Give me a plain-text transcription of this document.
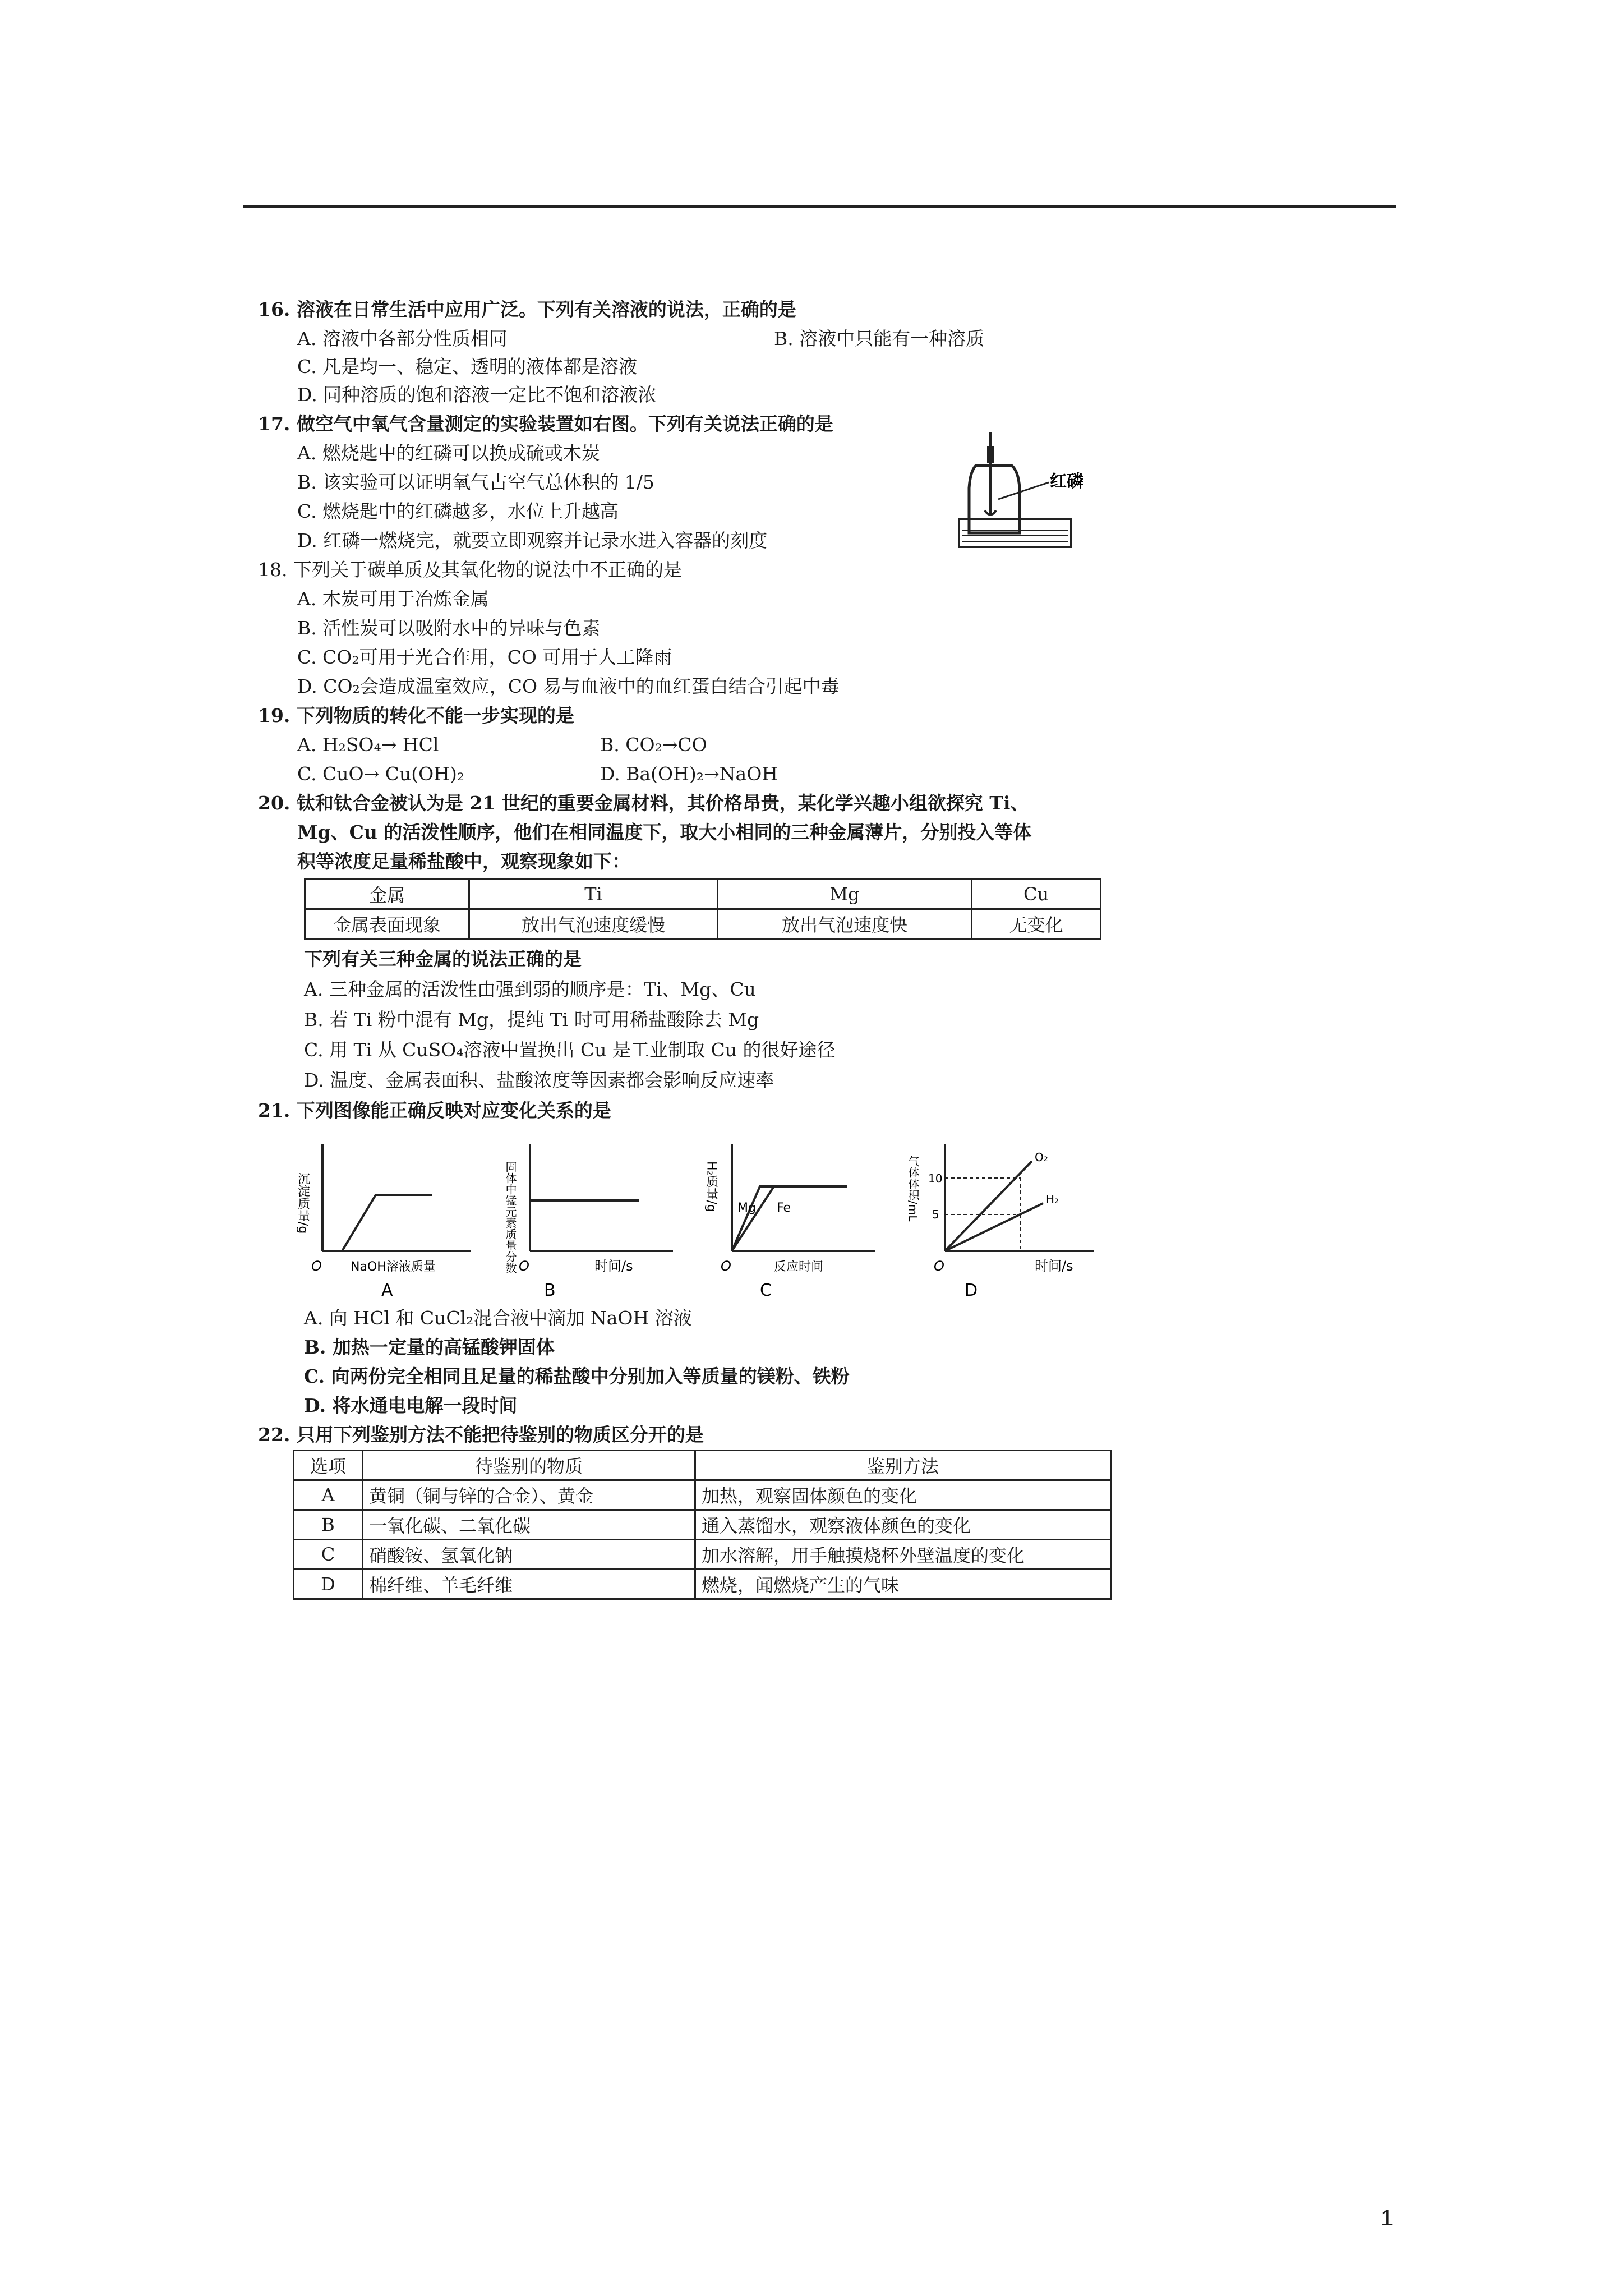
16. 溶液在日常生活中应用广泛。下列有关溶液的说法，正确的是
A. 溶液中各部分性质相同	B. 溶液中只能有一种溶质
C. 凡是均一、稳定、透明的液体都是溶液
D. 同种溶质的饱和溶液一定比不饱和溶液浓
17. 做空气中氧气含量测定的实验装置如右图。下列有关说法正确的是
A. 燃烧匙中的红磷可以换成硫或木炭
B. 该实验可以证明氧气占空气总体积的 1/5
C. 燃烧匙中的红磷越多，水位上升越高
D. 红磷一燃烧完，就要立即观察并记录水进入容器的刻度
红磷
18. 下列关于碳单质及其氧化物的说法中不正确的是
A. 木炭可用于冶炼金属
B. 活性炭可以吸附水中的异味与色素
C. CO₂可用于光合作用，CO 可用于人工降雨
D. CO₂会造成温室效应，CO 易与血液中的血红蛋白结合引起中毒
19. 下列物质的转化不能一步实现的是
A. H₂SO₄→ HCl	B. CO₂→CO
C. CuO→ Cu(OH)₂	D. Ba(OH)₂→NaOH
20. 钛和钛合金被认为是 21 世纪的重要金属材料，其价格昂贵，某化学兴趣小组欲探究 Ti、
Mg、Cu 的活泼性顺序，他们在相同温度下，取大小相同的三种金属薄片，分别投入等体
积等浓度足量稀盐酸中，观察现象如下：
金属	Ti	Mg	Cu
金属表面现象	放出气泡速度缓慢	放出气泡速度快	无变化
下列有关三种金属的说法正确的是
A. 三种金属的活泼性由强到弱的顺序是：Ti、Mg、Cu
B. 若 Ti 粉中混有 Mg，提纯 Ti 时可用稀盐酸除去 Mg
C. 用 Ti 从 CuSO₄溶液中置换出 Cu 是工业制取 Cu 的很好途径
D. 温度、金属表面积、盐酸浓度等因素都会影响反应速率
21. 下列图像能正确反映对应变化关系的是
沉淀质量/g
O NaOH溶液质量
A
固体中锰元素质量分数 O	时间/s
B
H₂质量/g Mg Fe
O	反应时间
C
气体体积/mL 10
5
O₂
H₂
O	时间/s
D
A. 向 HCl 和 CuCl₂混合液中滴加 NaOH 溶液
B. 加热一定量的高锰酸钾固体
C. 向两份完全相同且足量的稀盐酸中分别加入等质量的镁粉、铁粉
D. 将水通电电解一段时间
22. 只用下列鉴别方法不能把待鉴别的物质区分开的是
选项	待鉴别的物质	鉴别方法
A	黄铜（铜与锌的合金）、黄金	加热，观察固体颜色的变化
B	一氧化碳、二氧化碳	通入蒸馏水，观察液体颜色的变化
C	硝酸铵、氢氧化钠	加水溶解，用手触摸烧杯外壁温度的变化
D	棉纤维、羊毛纤维	燃烧，闻燃烧产生的气味
1
